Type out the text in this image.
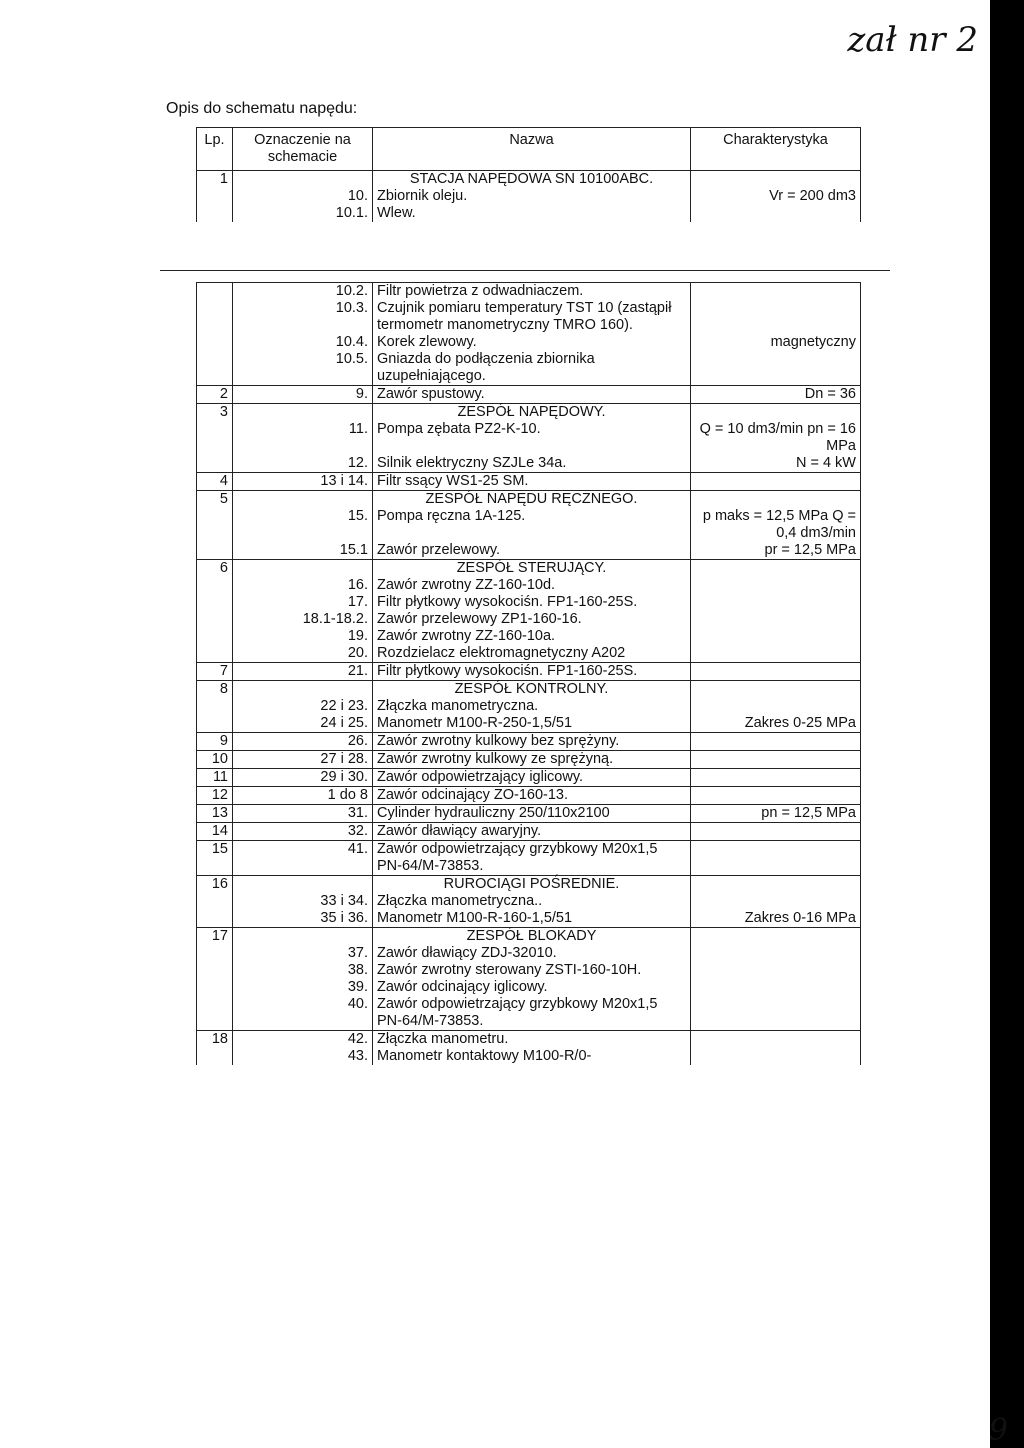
zał nr 2
Opis do schematu napędu:
Lp.	Oznaczenie na schemacie	Nazwa	Charakterystyka
1		STACJA NAPĘDOWA SN 10100ABC.	
	10.	Zbiornik oleju.	Vr = 200 dm3
	10.1.	Wlew.	
	10.2.	Filtr powietrza z odwadniaczem.	
	10.3.	Czujnik pomiaru temperatury TST 10 (zastąpił termometr manometryczny TMRO 160).	
	10.4.	Korek zlewowy.	magnetyczny
	10.5.	Gniazda do podłączenia zbiornika uzupełniającego.	
2	9.	Zawór spustowy.	Dn = 36
3		ZESPÓŁ NAPĘDOWY.	
	11.	Pompa zębata PZ2-K-10.	Q = 10 dm3/min pn = 16 MPa
	12.	Silnik elektryczny SZJLe 34a.	N = 4 kW
4	13 i 14.	Filtr ssący WS1-25 SM.	
5		ZESPÓŁ NAPĘDU RĘCZNEGO.	
	15.	Pompa ręczna 1A-125.	p maks = 12,5 MPa Q = 0,4 dm3/min
	15.1	Zawór przelewowy.	pr = 12,5 MPa
6		ZESPÓŁ STERUJĄCY.	
	16.	Zawór zwrotny ZZ-160-10d.	
	17.	Filtr płytkowy wysokociśn. FP1-160-25S.	
	18.1-18.2.	Zawór przelewowy ZP1-160-16.	
	19.	Zawór zwrotny ZZ-160-10a.	
	20.	Rozdzielacz elektromagnetyczny A202	
7	21.	Filtr płytkowy wysokociśn. FP1-160-25S.	
8		ZESPÓŁ KONTROLNY.	
	22 i 23.	Złączka manometryczna.	
	24 i 25.	Manometr M100-R-250-1,5/51	Zakres 0-25 MPa
9	26.	Zawór zwrotny kulkowy bez sprężyny.	
10	27 i 28.	Zawór zwrotny kulkowy ze sprężyną.	
11	29 i 30.	Zawór odpowietrzający iglicowy.	
12	1 do 8	Zawór odcinający ZO-160-13.	
13	31.	Cylinder hydrauliczny 250/110x2100	pn = 12,5 MPa
14	32.	Zawór dławiący awaryjny.	
15	41.	Zawór odpowietrzający grzybkowy M20x1,5 PN-64/M-73853.	
16		RUROCIĄGI POŚREDNIE.	
	33 i 34.	Złączka manometryczna..	
	35 i 36.	Manometr M100-R-160-1,5/51	Zakres 0-16 MPa
17		ZESPÓŁ BLOKADY	
	37.	Zawór dławiący ZDJ-32010.	
	38.	Zawór zwrotny sterowany ZSTI-160-10H.	
	39.	Zawór odcinający iglicowy.	
	40.	Zawór odpowietrzający grzybkowy M20x1,5 PN-64/M-73853.	
18	42.	Złączka manometru.	
	43.	Manometr kontaktowy M100-R/0-	
9
